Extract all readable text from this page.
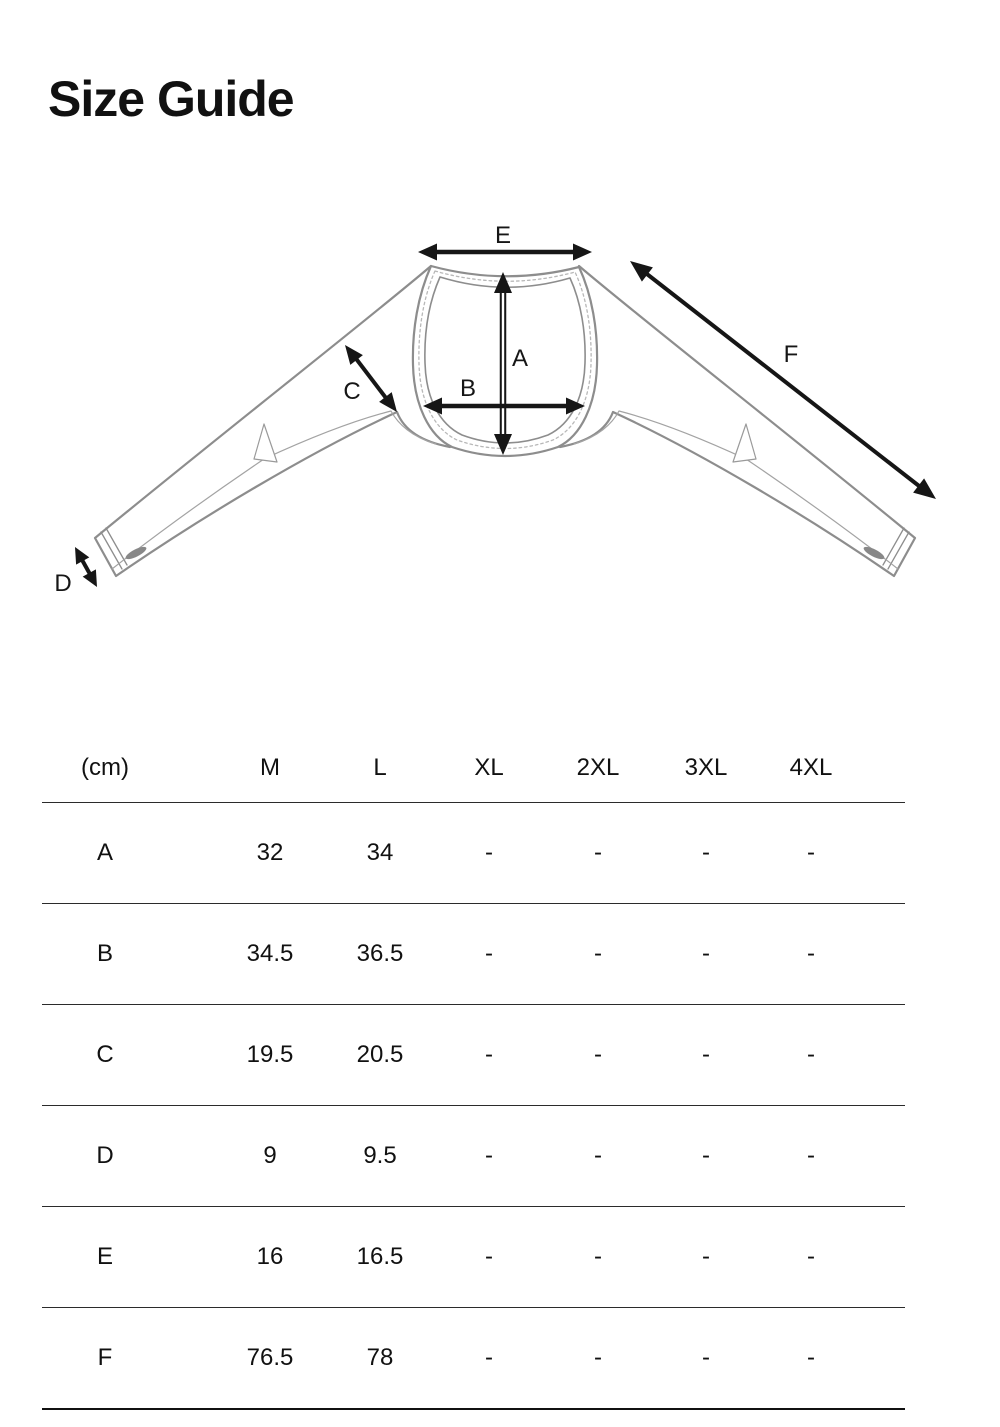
Size Guide
E
A
B
C
D
F
(cm)	M	L	XL	2XL	3XL	4XL
A	32	34	-	-	-	-
B	34.5	36.5	-	-	-	-
C	19.5	20.5	-	-	-	-
D	9	9.5	-	-	-	-
E	16	16.5	-	-	-	-
F	76.5	78	-	-	-	-
